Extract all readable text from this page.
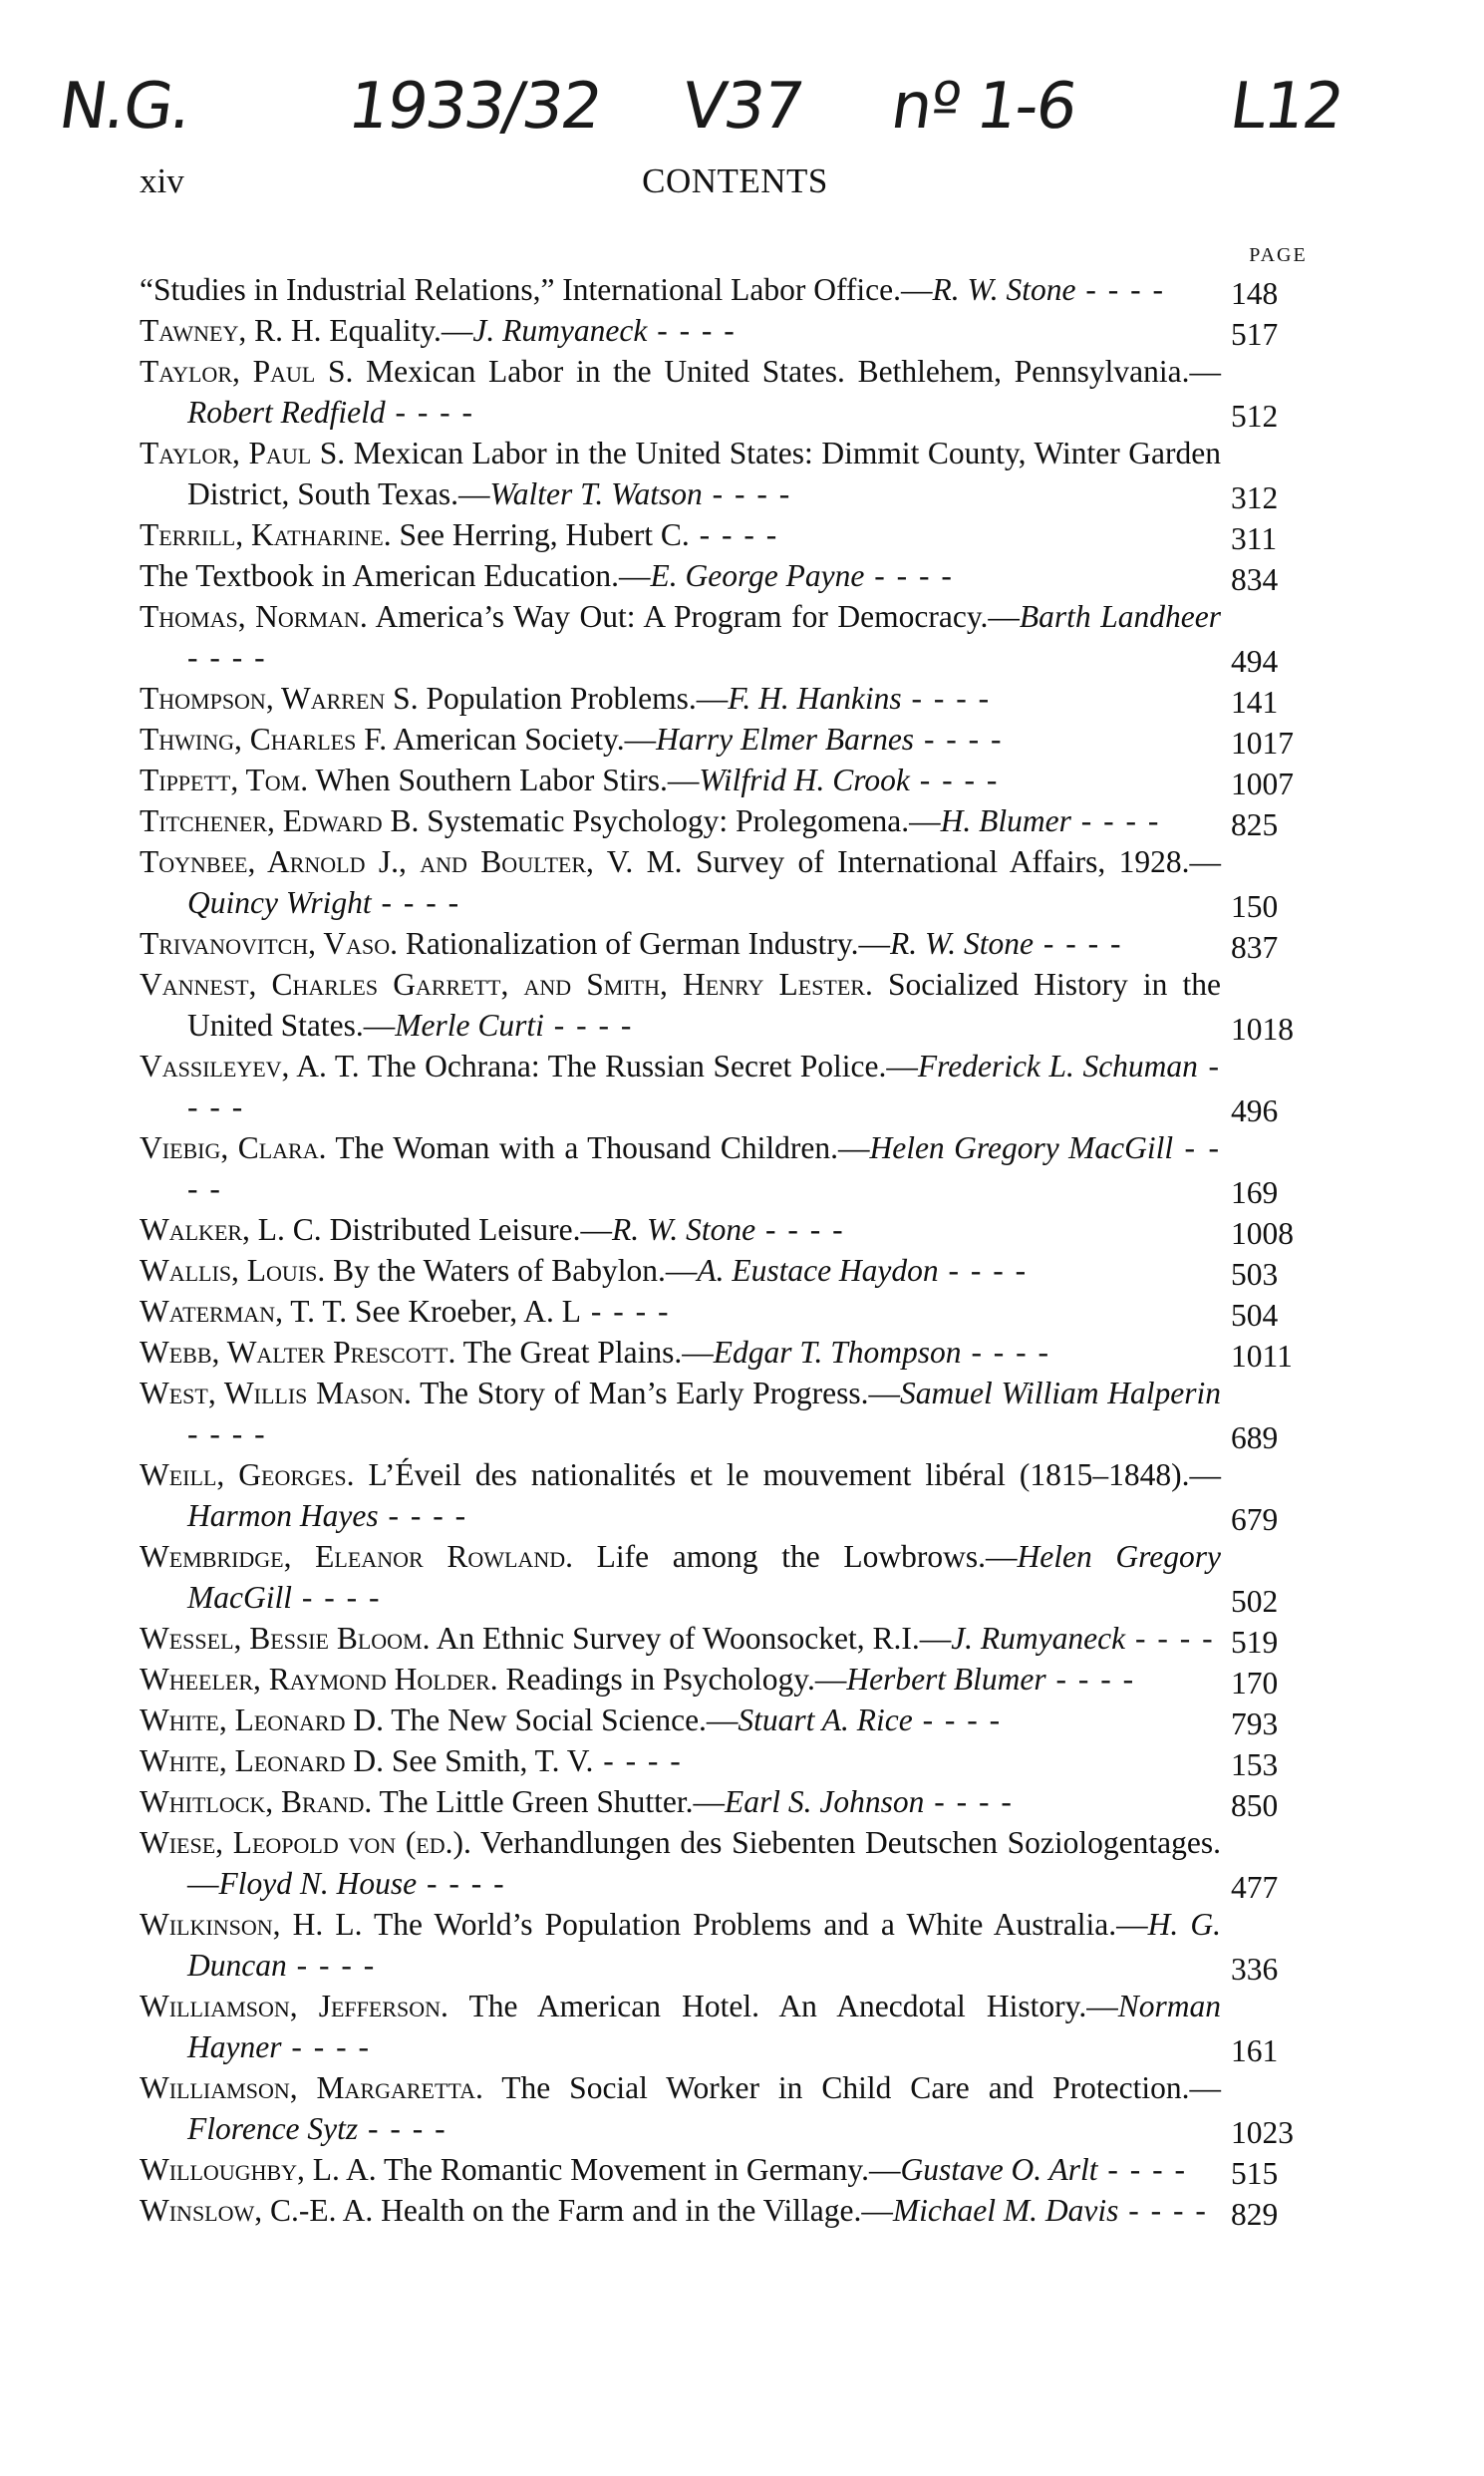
N.G. 1933/32 V37 nº 1-6 L12
xiv	CONTENTS
PAGE
“Studies in Industrial Relations,” International Labor Office.—R. W. Stone - - - - 148
Tawney, R. H. Equality.—J. Rumyaneck - - - -	517
Taylor, Paul S. Mexican Labor in the United States. Bethlehem, Pennsylvania.—Robert Redfield - - - -	512
Taylor, Paul S. Mexican Labor in the United States: Dimmit County, Winter Garden District, South Texas.—Walter T. Watson - - - -	312
Terrill, Katharine. See Herring, Hubert C. - - - -	311
The Textbook in American Education.—E. George Payne - - - -	834
Thomas, Norman. America’s Way Out: A Program for Democracy.—Barth Landheer - - - -	494
Thompson, Warren S. Population Problems.—F. H. Hankins - - - -	141
Thwing, Charles F. American Society.—Harry Elmer Barnes - - - -	1017
Tippett, Tom. When Southern Labor Stirs.—Wilfrid H. Crook - - - -	1007
Titchener, Edward B. Systematic Psychology: Prolegomena.—H. Blumer - - - - 825
Toynbee, Arnold J., and Boulter, V. M. Survey of International Affairs, 1928.—Quincy Wright - - - -	150
Trivanovitch, Vaso. Rationalization of German Industry.—R. W. Stone - - - -	837
Vannest, Charles Garrett, and Smith, Henry Lester. Socialized History in the United States.—Merle Curti - - - -	1018
Vassileyev, A. T. The Ochrana: The Russian Secret Police.—Frederick L. Schuman - - - -	496
Viebig, Clara. The Woman with a Thousand Children.—Helen Gregory MacGill - - - -	169
Walker, L. C. Distributed Leisure.—R. W. Stone - - - -	1008
Wallis, Louis. By the Waters of Babylon.—A. Eustace Haydon - - - -	503
Waterman, T. T. See Kroeber, A. L - - - -	504
Webb, Walter Prescott. The Great Plains.—Edgar T. Thompson - - - -	1011
West, Willis Mason. The Story of Man’s Early Progress.—Samuel William Halperin - - - -	689
Weill, Georges. L’Éveil des nationalités et le mouvement libéral (1815–1848).—Harmon Hayes - - - -	679
Wembridge, Eleanor Rowland. Life among the Lowbrows.—Helen Gregory MacGill - - - -	502
Wessel, Bessie Bloom. An Ethnic Survey of Woonsocket, R.I.—J. Rumyaneck - - - - 519
Wheeler, Raymond Holder. Readings in Psychology.—Herbert Blumer - - - -	170
White, Leonard D. The New Social Science.—Stuart A. Rice - - - -	793
White, Leonard D. See Smith, T. V. - - - -	153
Whitlock, Brand. The Little Green Shutter.—Earl S. Johnson - - - -	850
Wiese, Leopold von (ed.). Verhandlungen des Siebenten Deutschen Soziologentages.—Floyd N. House - - - -	477
Wilkinson, H. L. The World’s Population Problems and a White Australia.—H. G. Duncan - - - -	336
Williamson, Jefferson. The American Hotel. An Anecdotal History.—Norman Hayner - - - -	161
Williamson, Margaretta. The Social Worker in Child Care and Protection.—Florence Sytz - - - -	1023
Willoughby, L. A. The Romantic Movement in Germany.—Gustave O. Arlt - - - - 515
Winslow, C.-E. A. Health on the Farm and in the Village.—Michael M. Davis - - - - 829
